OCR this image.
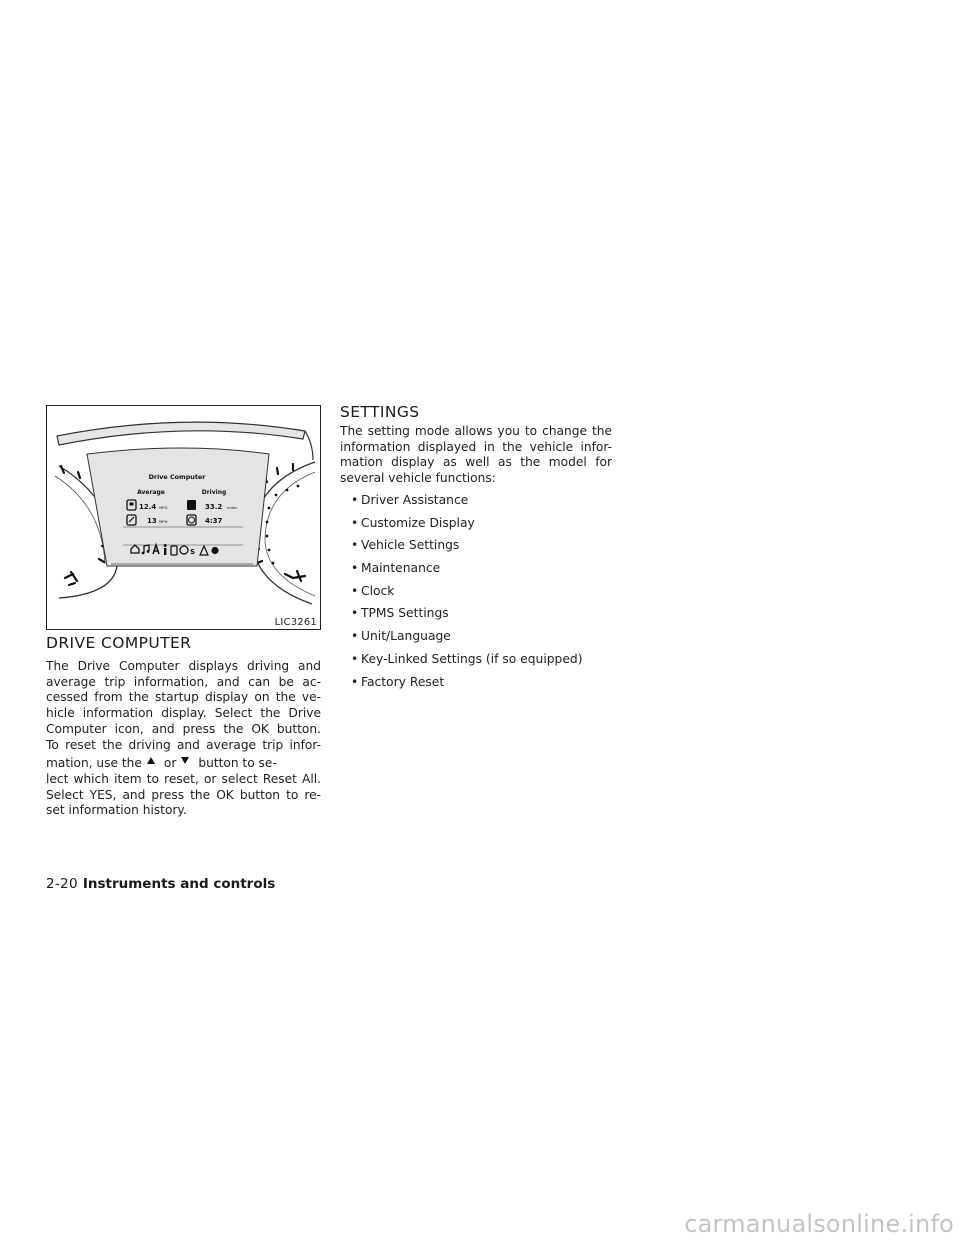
Drive Computer
Average	Driving
12.4 MPG
13 MPH
33.2 miles
4:37
S
LIC3261
DRIVE COMPUTER
The Drive Computer displays driving and
average trip information, and can be ac-
cessed from the startup display on the ve-
hicle information display. Select the Drive
Computer icon, and press the OK button.
To reset the driving and average trip infor-
mation, use the or button to se-
lect which item to reset, or select Reset All.
Select YES, and press the OK button to re-
set information history.
SETTINGS
The setting mode allows you to change the
information displayed in the vehicle infor-
mation display as well as the model for
several vehicle functions:
• Driver Assistance
• Customize Display
• Vehicle Settings
• Maintenance
• Clock
• TPMS Settings
• Unit/Language
• Key-Linked Settings (if so equipped)
• Factory Reset
2-20 Instruments and controls
carmanualsonline.info
